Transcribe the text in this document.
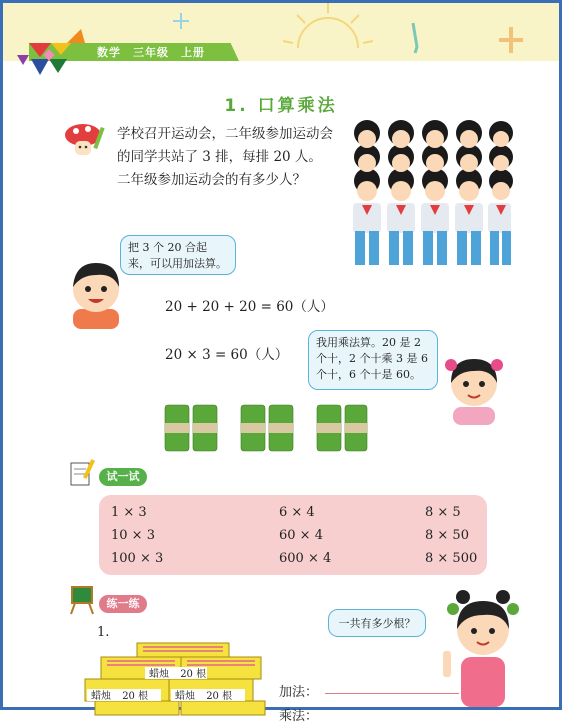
数学　三年级　上册
1. 口算乘法
学校召开运动会，二年级参加运动会的同学共站了 3 排，每排 20 人。二年级参加运动会的有多少人？
把 3 个 20 合起来，可以用加法算。
20 + 20 + 20 = 60（人）
20 × 3 = 60（人）
我用乘法算。20 是 2 个十，2 个十乘 3 是 6 个十，6 个十是 60。
试一试
1 × 3
10 × 3
100 × 3
6 × 4
60 × 4
600 × 4
8 × 5
8 × 50
8 × 500
练一练
1.
一共有多少根？
蜡烛 20 根
蜡烛 20 根	蜡烛 20 根	加法：
乘法：
